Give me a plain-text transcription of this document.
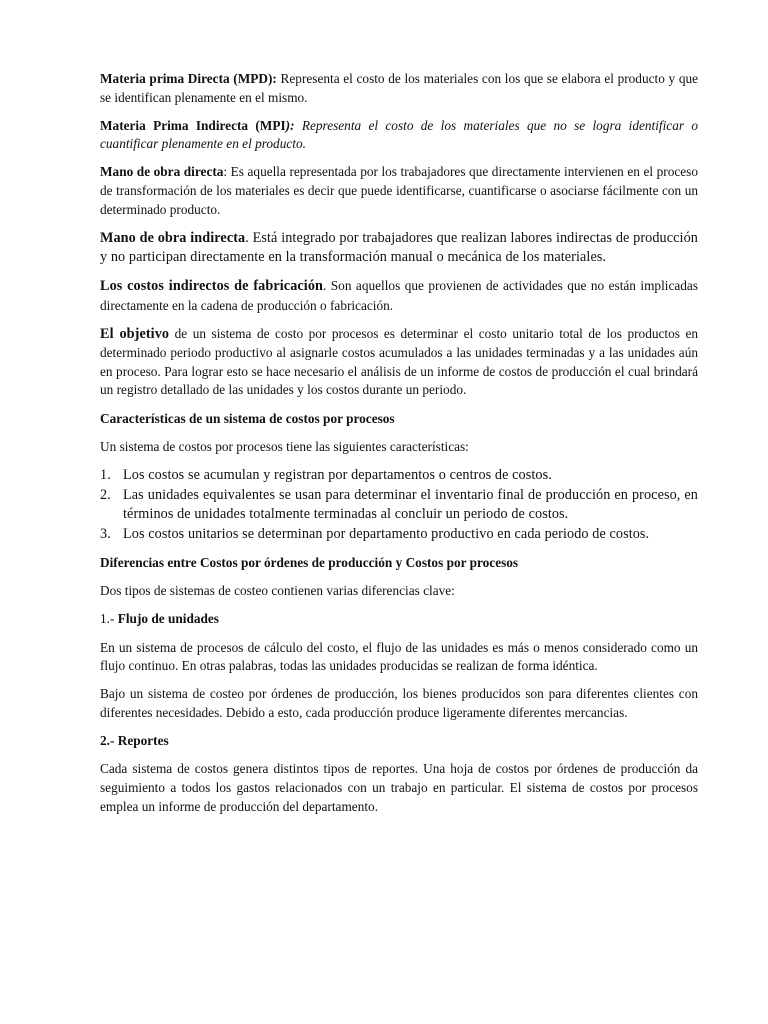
Materia prima Directa (MPD): Representa el costo de los materiales con los que se elabora el producto y que se identifican plenamente en el mismo.

Materia Prima Indirecta (MPI): Representa el costo de los materiales que no se logra identificar o cuantificar plenamente en el producto.

Mano de obra directa: Es aquella representada por los trabajadores que directamente intervienen en el proceso de transformación de los materiales es decir que puede identificarse, cuantificarse o asociarse fácilmente con un determinado producto.

Mano de obra indirecta. Está integrado por trabajadores que realizan labores indirectas de producción y no participan directamente en la transformación manual o mecánica de los materiales.

Los costos indirectos de fabricación. Son aquellos que provienen de actividades que no están implicadas directamente en la cadena de producción o fabricación.

El objetivo de un sistema de costo por procesos es determinar el costo unitario total de los productos en determinado periodo productivo al asignarle costos acumulados a las unidades terminadas y a las unidades aún en proceso. Para lograr esto se hace necesario el análisis de un informe de costos de producción el cual brindará un registro detallado de las unidades y los costos durante un periodo.

Características de un sistema de costos por procesos

Un sistema de costos por procesos tiene las siguientes características:

1. Los costos se acumulan y registran por departamentos o centros de costos.
2. Las unidades equivalentes se usan para determinar el inventario final de producción en proceso, en términos de unidades totalmente terminadas al concluir un periodo de costos.
3. Los costos unitarios se determinan por departamento productivo en cada periodo de costos.

Diferencias entre Costos por órdenes de producción y Costos por procesos

Dos tipos de sistemas de costeo contienen varias diferencias clave:

1.- Flujo de unidades

En un sistema de procesos de cálculo del costo, el flujo de las unidades es más o menos considerado como un flujo continuo. En otras palabras, todas las unidades producidas se realizan de forma idéntica.

Bajo un sistema de costeo por órdenes de producción, los bienes producidos son para diferentes clientes con diferentes necesidades. Debido a esto, cada producción produce ligeramente diferentes mercancias.

2.- Reportes

Cada sistema de costos genera distintos tipos de reportes. Una hoja de costos por órdenes de producción da seguimiento a todos los gastos relacionados con un trabajo en particular. El sistema de costos por procesos emplea un informe de producción del departamento.
